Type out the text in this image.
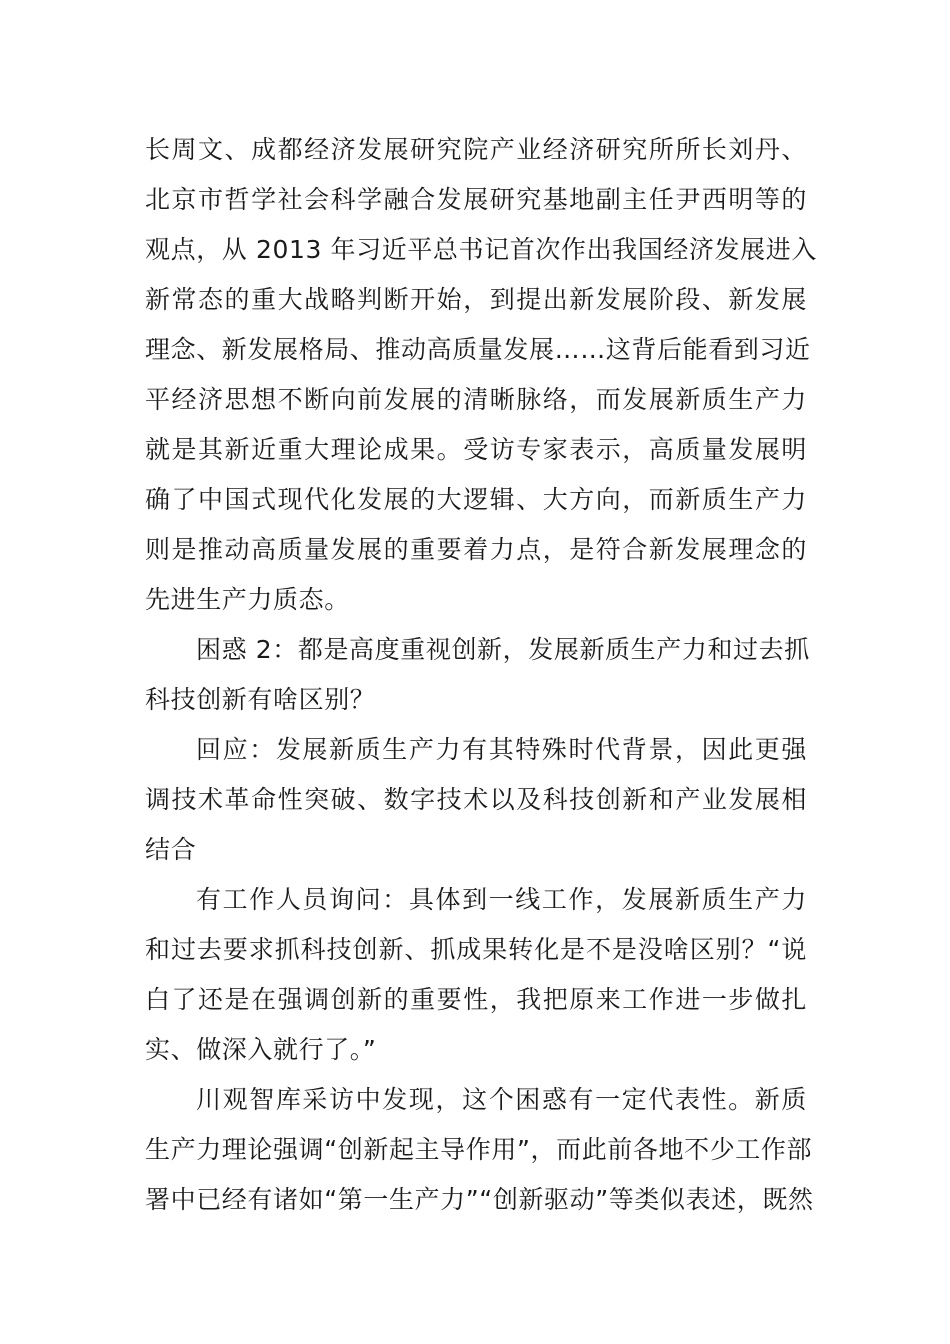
长周文、成都经济发展研究院产业经济研究所所长刘丹、
北京市哲学社会科学融合发展研究基地副主任尹西明等的
观点，从 2013 年习近平总书记首次作出我国经济发展进入
新常态的重大战略判断开始，到提出新发展阶段、新发展
理念、新发展格局、推动高质量发展……这背后能看到习近
平经济思想不断向前发展的清晰脉络，而发展新质生产力
就是其新近重大理论成果。受访专家表示，高质量发展明
确了中国式现代化发展的大逻辑、大方向，而新质生产力
则是推动高质量发展的重要着力点，是符合新发展理念的
先进生产力质态。
困惑 2：都是高度重视创新，发展新质生产力和过去抓
科技创新有啥区别？
回应：发展新质生产力有其特殊时代背景，因此更强
调技术革命性突破、数字技术以及科技创新和产业发展相
结合
有工作人员询问：具体到一线工作，发展新质生产力
和过去要求抓科技创新、抓成果转化是不是没啥区别？“说
白了还是在强调创新的重要性，我把原来工作进一步做扎
实、做深入就行了。”
川观智库采访中发现，这个困惑有一定代表性。新质
生产力理论强调“创新起主导作用”，而此前各地不少工作部
署中已经有诸如“第一生产力”“创新驱动”等类似表述，既然
